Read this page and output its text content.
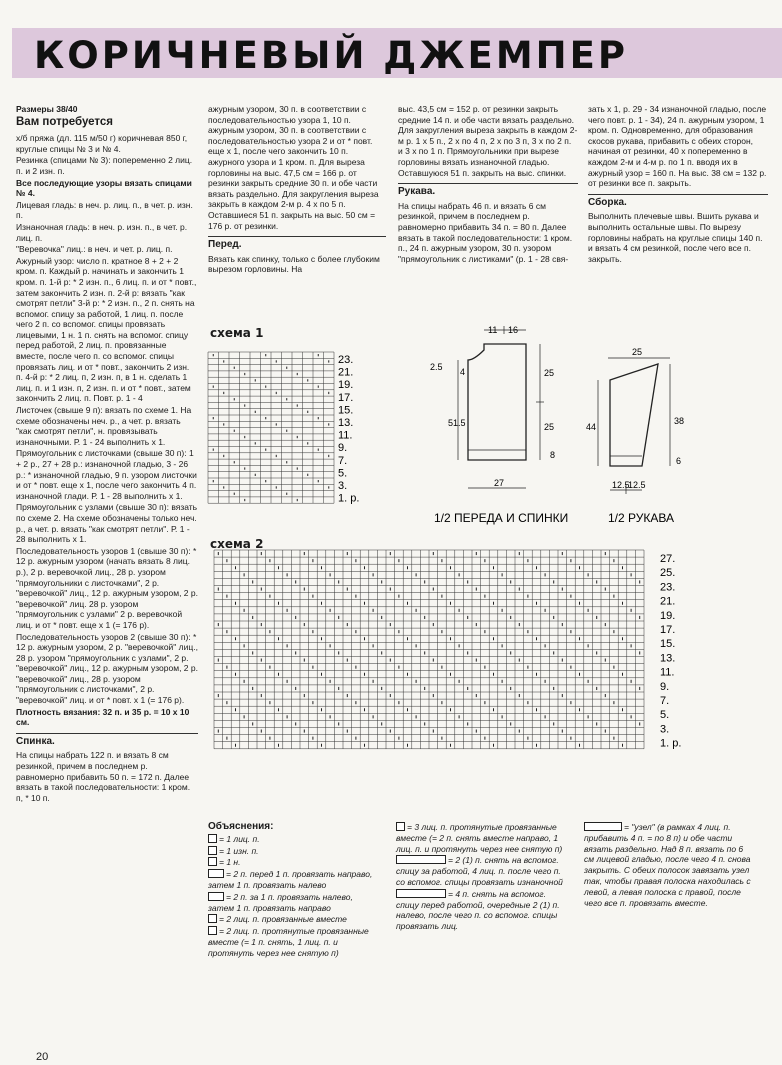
КОРИЧНЕВЫЙ ДЖЕМПЕР

Размеры 38/40

Вам потребуется

х/б пряжа (дл. 115 м/50 г) коричневая 850 г, круглые спицы № 3 и № 4.

Резинка (спицами № 3): попеременно 2 лиц. п. и 2 изн. п.

Все последующие узоры вязать спицами № 4.

Лицевая гладь: в неч. р. лиц. п., в чет. р. изн. п.

Изнаночная гладь: в неч. р. изн. п., в чет. р. лиц. п.

"Веревочка" лиц.: в неч. и чет. р. лиц. п.

Ажурный узор: число п. кратное 8 + 2 + 2 кром. п. Каждый р. начинать и закончить 1 кром. п. 1-й р: * 2 изн. п., 6 лиц. п. и от * повт., затем закончить 2 изн. п. 2-й р: вязать "как смотрят петли" 3-й р: * 2 изн. п., 2 п. снять на вспомог. спицу за работой, 1 лиц. п. после чего 2 п. со вспомог. спицы провязать лицевыми, 1 н. 1 п. снять на вспомог. спицу перед работой, 2 лиц. п. провязанные вместе, после чего п. со вспомог. спицы провязать лиц. и от * повт., закончить 2 изн. п. 4-й р: * 2 лиц. п, 2 изн. п, в 1 н. сделать 1 лиц. п. и 1 изн. п, 2 изн. п. и от * повт., затем закончить 2 лиц. п. Повт. р. 1 - 4

Листочек (свыше 9 п): вязать по схеме 1. На схеме обозначены неч. р., а чет. р. вязать "как смотрят петли", н. провязывать изнаночными. Р. 1 - 24 выполнить х 1.

Прямоугольник с листочками (свыше 30 п): 1 + 2 р., 27 + 28 р.: изнаночной гладью, 3 - 26 р.: * изнаночной гладью, 9 п. узором листочки и от * повт. еще х 1, после чего закончить 4 п. изнаночной глади. Р. 1 - 28 выполнить х 1.

Прямоугольник с узлами (свыше 30 п): вязать по схеме 2. На схеме обозначены только неч. р., а чет. р. вязать "как смотрят петли". Р. 1 - 28 выполнить х 1.

Последовательность узоров 1 (свыше 30 п): * 12 р. ажурным узором (начать вязать 8 лиц. р.), 2 р. веревочкой лиц., 28 р. узором "прямоугольники с листочками", 2 р. "веревочкой" лиц., 12 р. ажурным узором, 2 р. "веревочкой" лиц. 28 р. узором "прямоугольник с узлами" 2 р. веревочкой лиц. и от * повт. еще х 1 (= 176 р).

Последовательность узоров 2 (свыше 30 п): * 12 р. ажурным узором, 2 р. "веревочкой" лиц., 28 р. узором "прямоугольник с узлами", 2 р. "веревочкой" лиц., 12 р. ажурным узором, 2 р. "веревочкой" лиц., 28 р. узором "прямоугольник с листочками", 2 р. "веревочкой" лиц. и от * повт. х 1 (= 176 р).

Плотность вязания: 32 п. и 35 р. = 10 х 10 см.

Спинка.

На спицы набрать 122 п. и вязать 8 см резинкой, причем в последнем р. равномерно прибавить 50 п. = 172 п. Далее вязать в такой последовательности: 1 кром. п, * 10 п.

ажурным узором, 30 п. в соответствии с последовательностью узора 1, 10 п. ажурным узором, 30 п. в соответствии с последовательностью узора 2 и от * повт. еще х 1, после чего закончить 10 п. ажурного узора и 1 кром. п. Для выреза горловины на выс. 47,5 см = 166 р. от резинки закрыть средние 30 п. и обе части вязать раздельно. Для закругления выреза закрыть в каждом 2-м р. 4 х по 5 п. Оставшиеся 51 п. закрыть на выс. 50 см = 176 р. от резинки.

Перед.

Вязать как спинку, только с более глубоким вырезом горловины. На

выс. 43,5 см = 152 р. от резинки закрыть средние 14 п. и обе части вязать раздельно. Для закругления выреза закрыть в каждом 2-м р. 1 х 5 п., 2 х по 4 п, 2 х по 3 п, 3 х по 2 п. и 3 х по 1 п. Прямоугольники при вырезе горловины вязать изнаночной гладью. Оставшуюся 51 п. закрыть на выс. спинки.

Рукава.

На спицы набрать 46 п. и вязать 6 см резинкой, причем в последнем р. равномерно прибавить 34 п. = 80 п. Далее вязать в такой последовательности: 1 кром. п., 24 п. ажурным узором, 30 п. узором "прямоугольник с листиками" (р. 1 - 28 свя-

зать х 1, р. 29 - 34 изнаночной гладью, после чего повт. р. 1 - 34), 24 п. ажурным узором, 1 кром. п. Одновременно, для образования скосов рукава, прибавить с обеих сторон, начиная от резинки, 40 х попеременно в каждом 2-м и 4-м р. по 1 п. вводя их в ажурный узор = 160 п. На выс. 38 см = 132 р. от резинки все п. закрыть.

Сборка.

Выполнить плечевые швы. Вшить рукава и выполнить остальные швы. По вырезу горловины набрать на круглые спицы 140 п. и вязать 4 см резинкой, после чего все п. закрыть.

схема 1
23.
21.
19.
17.
15.
13.
11.
9.
7.
5.
3.
1. р.
11 16
2.5 4
51.5
25
25
8
27
25
44
38
6
12.5
12.5
1/2 ПЕРЕДА И СПИНКИ	1/2 РУКАВА
схема 2
27.
25.
23.
21.
19.
17.
15.
13.
11.
9.
7.
5.
3.
1. р.

Объяснения:

= 1 лиц. п.

= 1 изн. п.

= 1 н.

= 2 п. перед 1 п. провязать направо, затем 1 п. провязать налево

= 2 п. за 1 п. провязать налево, затем 1 п. провязать направо

= 2 лиц. п. провязанные вместе

= 2 лиц. п. протянутые провязанные вместе (= 1 п. снять, 1 лиц. п. и протянуть через нее снятую п)

= 3 лиц. п. протянутые провязанные вместе (= 2 п. снять вместе направо, 1 лиц. п. и протянуть через нее снятую п)

= 2 (1) п. снять на вспомог. спицу за работой, 4 лиц. п. после чего п. со вспомог. спицы провязать изнаночной

= 4 п. снять на вспомог. спицу перед работой, очередные 2 (1) п. налево, после чего п. со вспомог. спицы провязать лиц.

= "узел" (в рамках 4 лиц. п. прибавить 4 п. = по 8 п) и обе части вязать раздельно. Над 8 п. вязать по 6 см лицевой гладью, после чего 4 п. снова закрыть. С обеих полосок завязать узел так, чтобы правая полоска находилась с левой, а левая полоска с правой, после чего все п. провязать вместе.

20
